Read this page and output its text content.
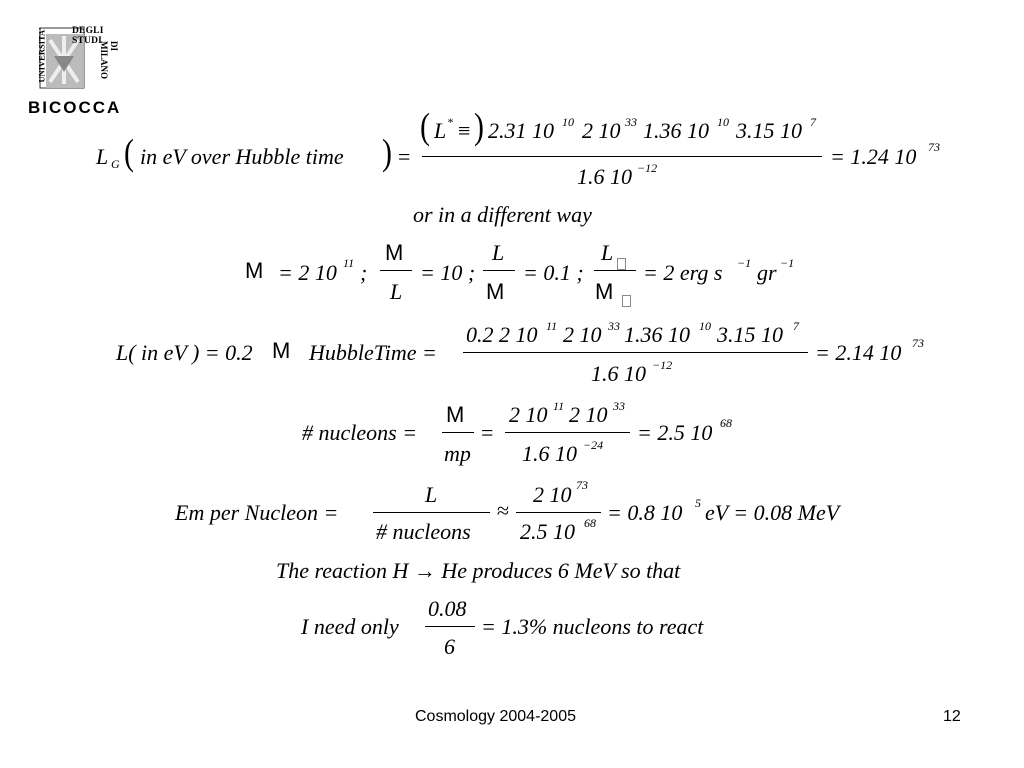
DEGLI STUDI
UNIVERSITA'	DI MILANO
BICOCCA
L G ( in eV over Hubble time ) =
( L * ≡ ) 2.31 10 10 2 10 33 1.36 10 10 3.15 10 7
1.6 10 −12	= 1.24 10 73
or in a different way
M = 2 10 11 ;
M
L
= 10 ;
L
M
= 0.1 ;
L
M
= 2 erg s −1 gr −1
L( in eV ) = 0.2 M HubbleTime =
0.2 2 10 11 2 10 33 1.36 10 10 3.15 10 7
1.6 10 −12	= 2.14 10 73
# nucleons =
M
mp
=
2 10 11 2 10 33
1.6 10 −24 = 2.5 10 68
Em per Nucleon =
L
# nucleons
≈
2 10 73
2.5 10 68 = 0.8 10 5 eV = 0.08 MeV
The reaction H → He produces 6 MeV so that
I need only
0.08
6
= 1.3% nucleons to react
Cosmology 2004-2005	12
